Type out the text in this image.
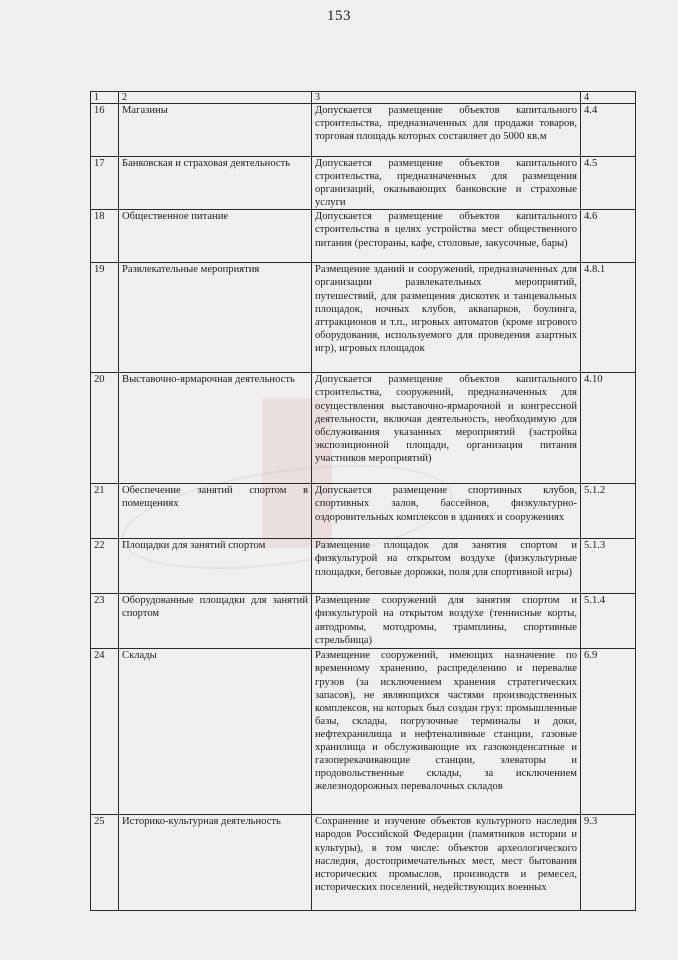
153
1	2	3	4
16	Магазины	Допускается размещение объектов капитального строительства, предназначенных для продажи товаров, торговая площадь которых составляет до 5000 кв.м	4.4
17	Банковская и страховая деятельность	Допускается размещение объектов капитального строительства, предназначенных для размещения организаций, оказывающих банковские и страховые услуги	4.5
18	Общественное питание	Допускается размещение объектов капитального строительства в целях устройства мест общественного питания (рестораны, кафе, столовые, закусочные, бары)	4.6
19	Развлекательные мероприятия	Размещение зданий и сооружений, предназначенных для организации развлекательных мероприятий, путешествий, для размещения дискотек и танцевальных площадок, ночных клубов, аквапарков, боулинга, аттракционов и т.п., игровых автоматов (кроме игрового оборудования, используемого для проведения азартных игр), игровых площадок	4.8.1
20	Выставочно-ярмарочная деятельность	Допускается размещение объектов капитального строительства, сооружений, предназначенных для осуществления выставочно-ярмарочной и конгрессной деятельности, включая деятельность, необходимую для обслуживания указанных мероприятий (застройка экспозиционной площади, организация питания участников мероприятий)	4.10
21	Обеспечение занятий спортом в помещениях	Допускается размещение спортивных клубов, спортивных залов, бассейнов, физкультурно-оздоровительных комплексов в зданиях и сооружениях	5.1.2
22	Площадки для занятий спортом	Размещение площадок для занятия спортом и физкультурой на открытом воздухе (физкультурные площадки, беговые дорожки, поля для спортивной игры)	5.1.3
23	Оборудованные площадки для занятий спортом	Размещение сооружений для занятия спортом и физкультурой на открытом воздухе (теннисные корты, автодромы, мотодромы, трамплины, спортивные стрельбища)	5.1.4
24	Склады	Размещение сооружений, имеющих назначение по временному хранению, распределению и перевалке грузов (за исключением хранения стратегических запасов), не являющихся частями производственных комплексов, на которых был создан груз: промышленные базы, склады, погрузочные терминалы и доки, нефтехранилища и нефтеналивные станции, газовые хранилища и обслуживающие их газоконденсатные и газоперекачивающие станции, элеваторы и продовольственные склады, за исключением железнодорожных перевалочных складов	6.9
25	Историко-культурная деятельность	Сохранение и изучение объектов культурного наследия народов Российской Федерации (памятников истории и культуры), в том числе: объектов археологического наследия, достопримечательных мест, мест бытования исторических промыслов, производств и ремесел, исторических поселений, недействующих военных	9.3
